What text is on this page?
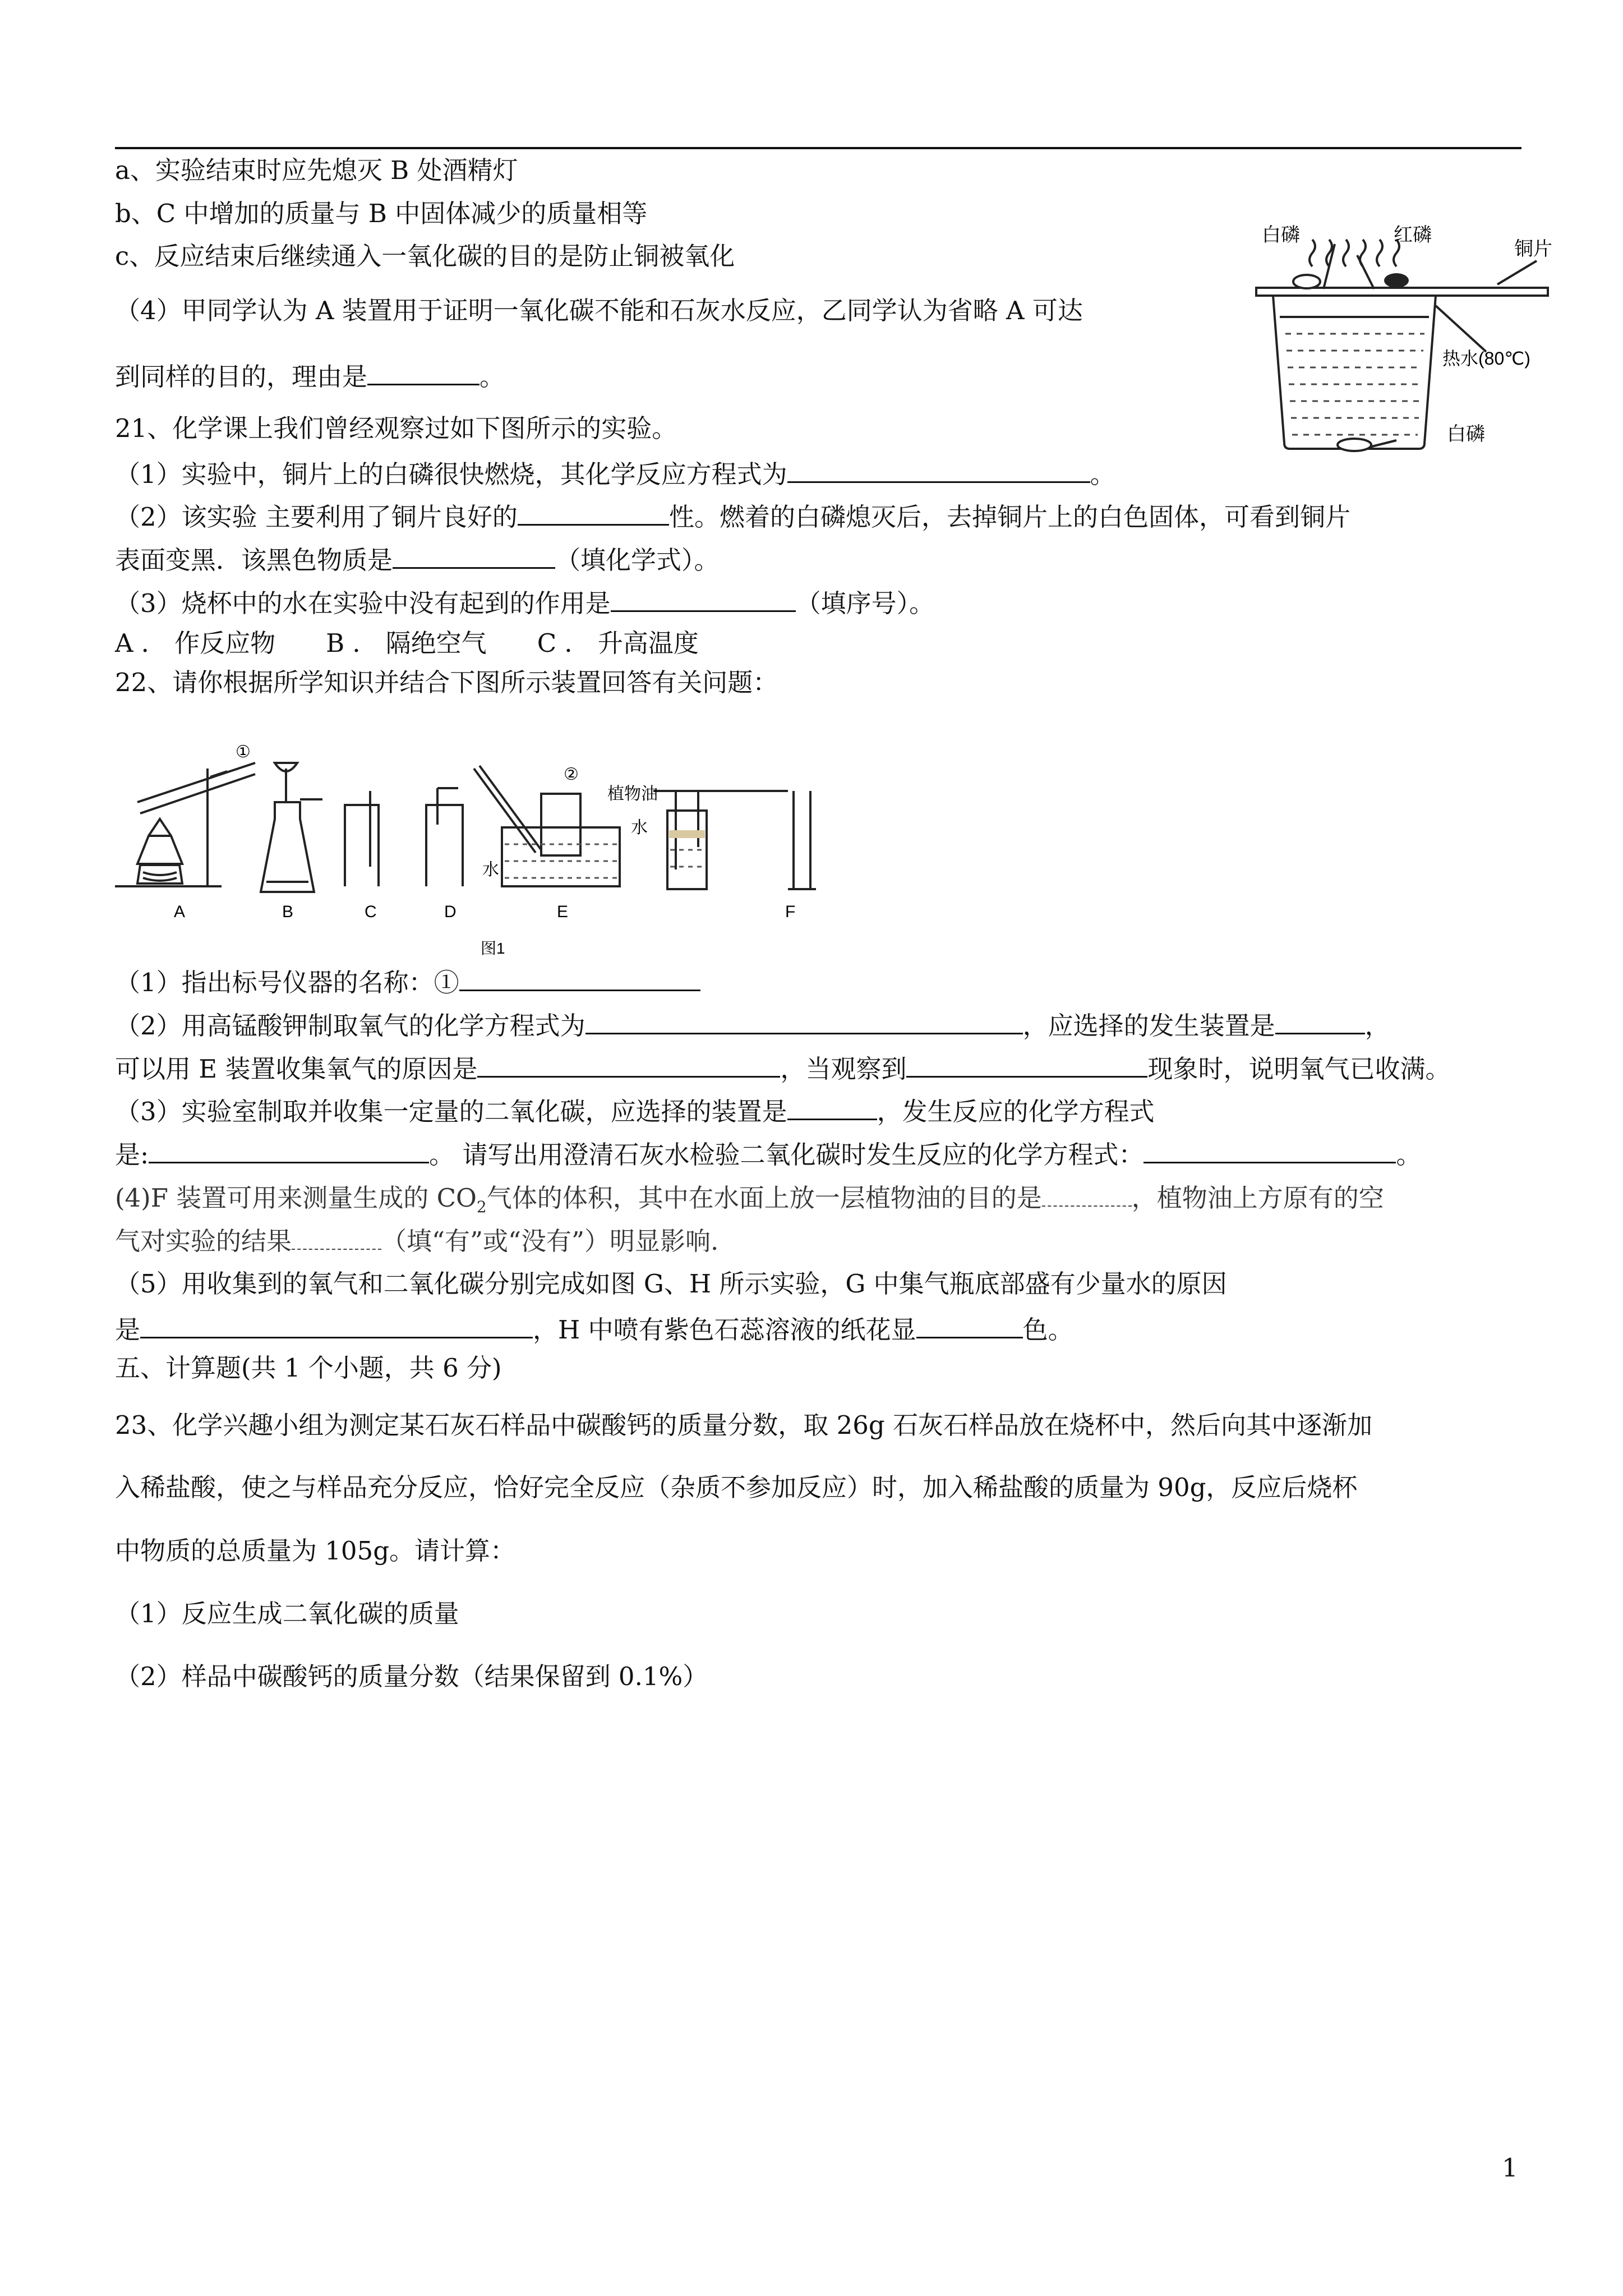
a、实验结束时应先熄灭 B 处酒精灯
b、C 中增加的质量与 B 中固体减少的质量相等
c、反应结束后继续通入一氧化碳的目的是防止铜被氧化
（4）甲同学认为 A 装置用于证明一氧化碳不能和石灰水反应，乙同学认为省略 A 可达
到同样的目的，理由是	。
21、化学课上我们曾经观察过如下图所示的实验。
（1）实验中，铜片上的白磷很快燃烧，其化学反应方程式为	。
（2）该实验 主要利用了铜片良好的	性。燃着的白磷熄灭后，去掉铜片上的白色固体，可看到铜片
表面变黑．该黑色物质是	（填化学式）。
（3）烧杯中的水在实验中没有起到的作用是	（填序号）。
A ． 作反应物　　B ． 隔绝空气　　C ． 升高温度
22、请你根据所学知识并结合下图所示装置回答有关问题：
白磷	红磷
铜片
热水(80℃)
白磷
①
②
植物油
水
水
A	B	C	D	E	F
图1
（1）指出标号仪器的名称：①
（2）用高锰酸钾制取氧气的化学方程式为	，应选择的发生装置是	，
可以用 E 装置收集氧气的原因是	，当观察到	现象时，说明氧气已收满。
（3）实验室制取并收集一定量的二氧化碳，应选择的装置是	，发生反应的化学方程式
是:	。 请写出用澄清石灰水检验二氧化碳时发生反应的化学方程式：	。
(4)F 装置可用来测量生成的 $CO_2$气体的体积，其中在水面上放一层植物油的目的是	，植物油上方原有的空
气对实验的结果	（填“有”或“没有”）明显影响.
（5）用收集到的氧气和二氧化碳分别完成如图 G、H 所示实验，G 中集气瓶底部盛有少量水的原因
是	，H 中喷有紫色石蕊溶液的纸花显	色。
五、计算题(共 1 个小题，共 6 分)
23、化学兴趣小组为测定某石灰石样品中碳酸钙的质量分数，取 26g 石灰石样品放在烧杯中，然后向其中逐渐加
入稀盐酸，使之与样品充分反应，恰好完全反应（杂质不参加反应）时，加入稀盐酸的质量为 90g，反应后烧杯
中物质的总质量为 105g。请计算：
（1）反应生成二氧化碳的质量
（2）样品中碳酸钙的质量分数（结果保留到 0.1%）
1
